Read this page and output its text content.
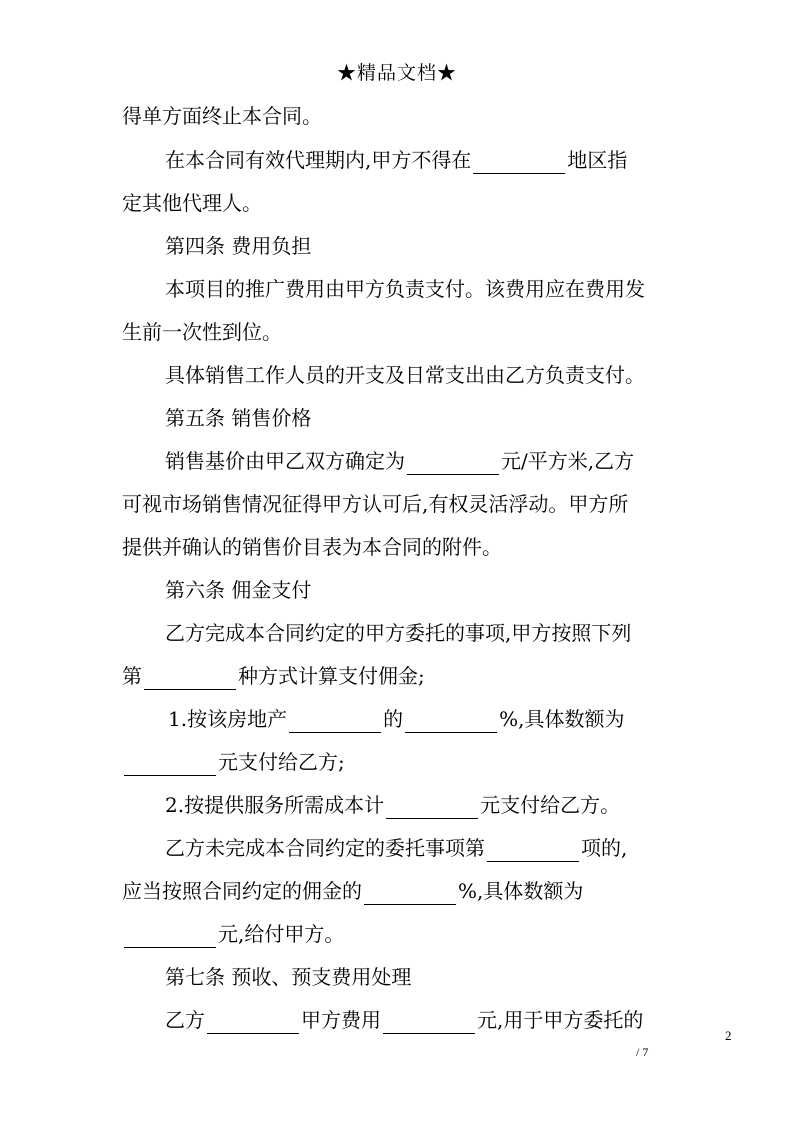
★精品文档★
得单方面终止本合同。
在本合同有效代理期内,甲方不得在	地区指
定其他代理人。
第四条 费用负担
本项目的推广费用由甲方负责支付。该费用应在费用发
生前一次性到位。
具体销售工作人员的开支及日常支出由乙方负责支付。
第五条 销售价格
销售基价由甲乙双方确定为	元/平方米,乙方
可视市场销售情况征得甲方认可后,有权灵活浮动。甲方所
提供并确认的销售价目表为本合同的附件。
第六条 佣金支付
乙方完成本合同约定的甲方委托的事项,甲方按照下列
第	种方式计算支付佣金;
1.按该房地产	的	%,具体数额为
元支付给乙方;
2.按提供服务所需成本计	元支付给乙方。
乙方未完成本合同约定的委托事项第	项的,
应当按照合同约定的佣金的	%,具体数额为
元,给付甲方。
第七条 预收、预支费用处理
乙方	甲方费用	元,用于甲方委托的
2
/ 7
